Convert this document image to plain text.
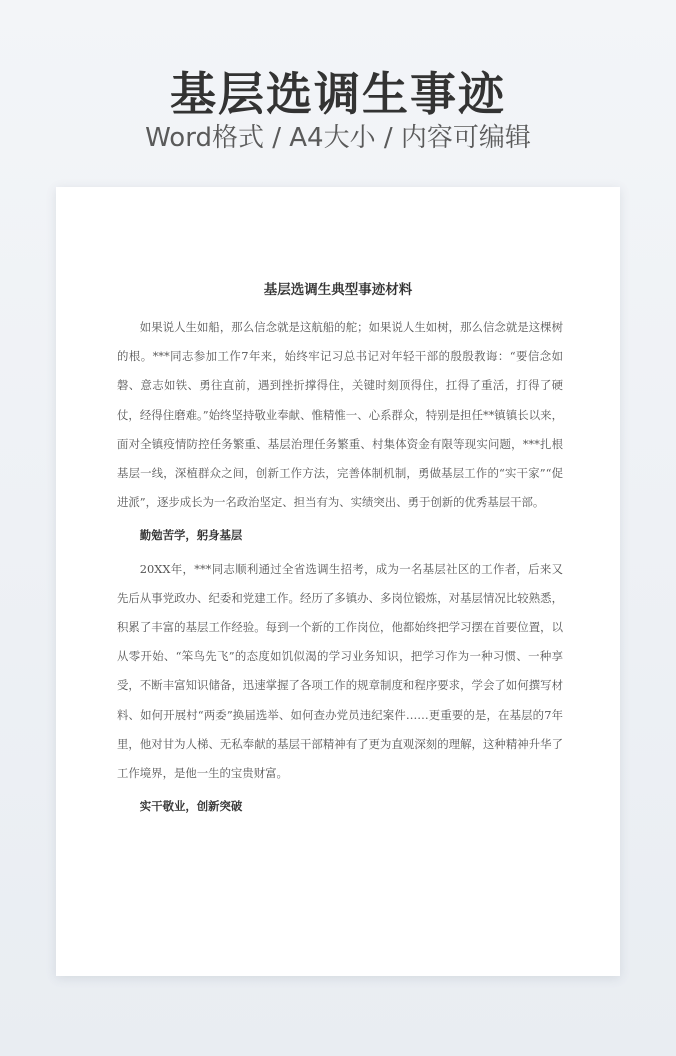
基层选调生事迹
Word格式 / A4大小 / 内容可编辑
基层选调生典型事迹材料

如果说人生如船，那么信念就是这航船的舵；如果说人生如树，那么信念就是这棵树的根。***同志参加工作7年来，始终牢记习总书记对年轻干部的殷殷教诲：“要信念如磐、意志如铁、勇往直前，遇到挫折撑得住，关键时刻顶得住，扛得了重活，打得了硬仗，经得住磨难。”始终坚持敬业奉献、惟精惟一、心系群众，特别是担任**镇镇长以来，面对全镇疫情防控任务繁重、基层治理任务繁重、村集体资金有限等现实问题，***扎根基层一线，深植群众之间，创新工作方法，完善体制机制，勇做基层工作的“实干家”“促进派”，逐步成长为一名政治坚定、担当有为、实绩突出、勇于创新的优秀基层干部。

勤勉苦学，躬身基层

20XX年，***同志顺利通过全省选调生招考，成为一名基层社区的工作者，后来又先后从事党政办、纪委和党建工作。经历了多镇办、多岗位锻炼，对基层情况比较熟悉，积累了丰富的基层工作经验。每到一个新的工作岗位，他都始终把学习摆在首要位置，以从零开始、“笨鸟先飞”的态度如饥似渴的学习业务知识，把学习作为一种习惯、一种享受，不断丰富知识储备，迅速掌握了各项工作的规章制度和程序要求，学会了如何撰写材料、如何开展村“两委”换届选举、如何查办党员违纪案件……更重要的是，在基层的7年里，他对甘为人梯、无私奉献的基层干部精神有了更为直观深刻的理解，这种精神升华了工作境界，是他一生的宝贵财富。

实干敬业，创新突破
